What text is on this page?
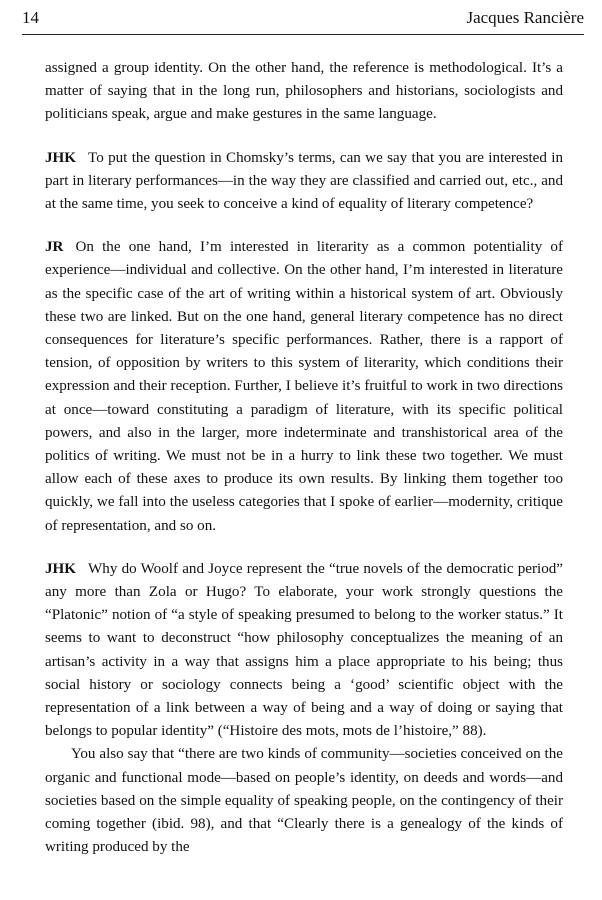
14	Jacques Rancière

assigned a group identity. On the other hand, the reference is methodological. It’s a matter of saying that in the long run, philosophers and historians, sociologists and politicians speak, argue and make gestures in the same language.

JHK To put the question in Chomsky’s terms, can we say that you are interested in part in literary performances—in the way they are classified and carried out, etc., and at the same time, you seek to conceive a kind of equality of literary competence?

JR On the one hand, I’m interested in literarity as a common potentiality of experience—individual and collective. On the other hand, I’m interested in literature as the specific case of the art of writing within a historical system of art. Obviously these two are linked. But on the one hand, general literary competence has no direct consequences for literature’s specific performances. Rather, there is a rapport of tension, of opposition by writers to this system of literarity, which conditions their expression and their reception. Further, I believe it’s fruitful to work in two directions at once—toward constituting a paradigm of literature, with its specific political powers, and also in the larger, more indeterminate and transhistorical area of the politics of writing. We must not be in a hurry to link these two together. We must allow each of these axes to produce its own results. By linking them together too quickly, we fall into the useless categories that I spoke of earlier—modernity, critique of representation, and so on.

JHK Why do Woolf and Joyce represent the “true novels of the democratic period” any more than Zola or Hugo? To elaborate, your work strongly questions the “Platonic” notion of “a style of speaking presumed to belong to the worker status.” It seems to want to deconstruct “how philosophy conceptualizes the meaning of an artisan’s activity in a way that assigns him a place appropriate to his being; thus social history or sociology connects being a ‘good’ scientific object with the representation of a link between a way of being and a way of doing or saying that belongs to popular identity” (“Histoire des mots, mots de l’histoire,” 88).

You also say that “there are two kinds of community—societies conceived on the organic and functional mode—based on people’s identity, on deeds and words—and societies based on the simple equality of speaking people, on the contingency of their coming together (ibid. 98), and that “Clearly there is a genealogy of the kinds of writing produced by the
